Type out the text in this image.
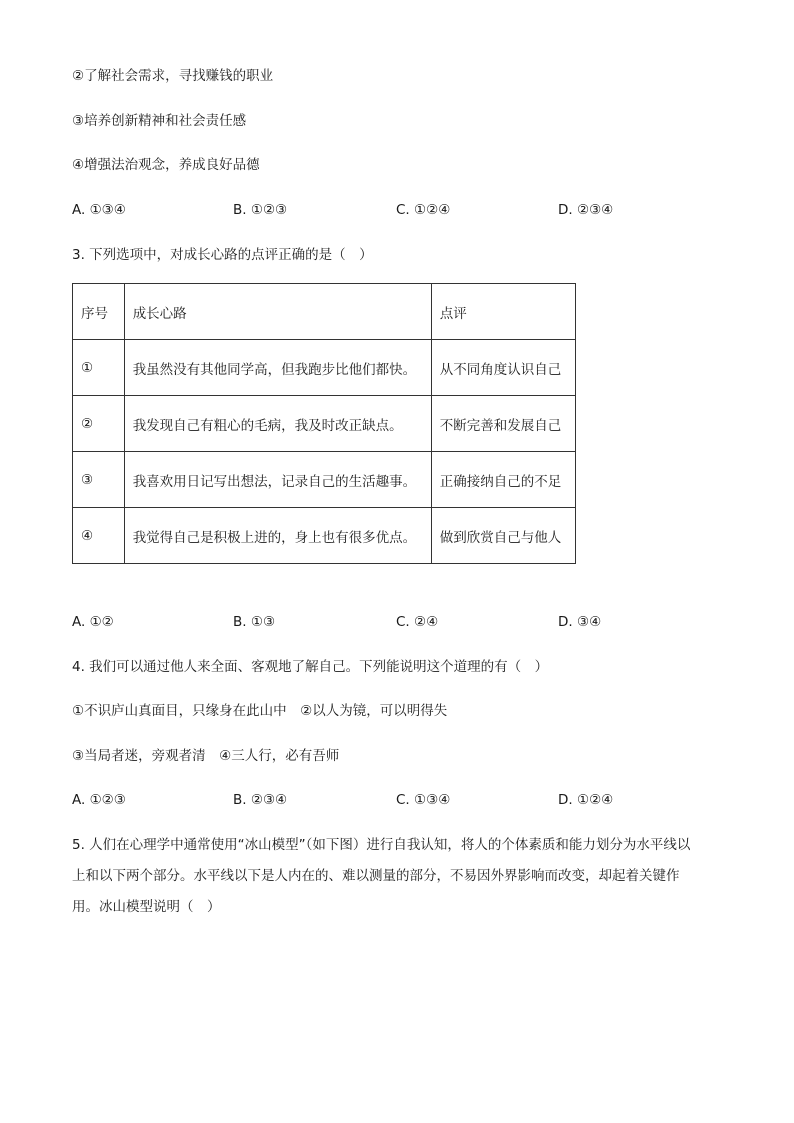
②了解社会需求，寻找赚钱的职业
③培养创新精神和社会责任感
④增强法治观念，养成良好品德
A. ①③④	B. ①②③	C. ①②④	D. ②③④
3. 下列选项中，对成长心路的点评正确的是（　）
序号	成长心路	点评
①	我虽然没有其他同学高，但我跑步比他们都快。	从不同角度认识自己
②	我发现自己有粗心的毛病，我及时改正缺点。	不断完善和发展自己
③	我喜欢用日记写出想法，记录自己的生活趣事。	正确接纳自己的不足
④	我觉得自己是积极上进的，身上也有很多优点。	做到欣赏自己与他人
A. ①②	B. ①③	C. ②④	D. ③④
4. 我们可以通过他人来全面、客观地了解自己。下列能说明这个道理的有（　）
①不识庐山真面目，只缘身在此山中　②以人为镜，可以明得失
③当局者迷，旁观者清　④三人行，必有吾师
A. ①②③	B. ②③④	C. ①③④	D. ①②④
5. 人们在心理学中通常使用“冰山模型”（如下图）进行自我认知，将人的个体素质和能力划分为水平线以
上和以下两个部分。水平线以下是人内在的、难以测量的部分，不易因外界影响而改变，却起着关键作
用。冰山模型说明（　）
